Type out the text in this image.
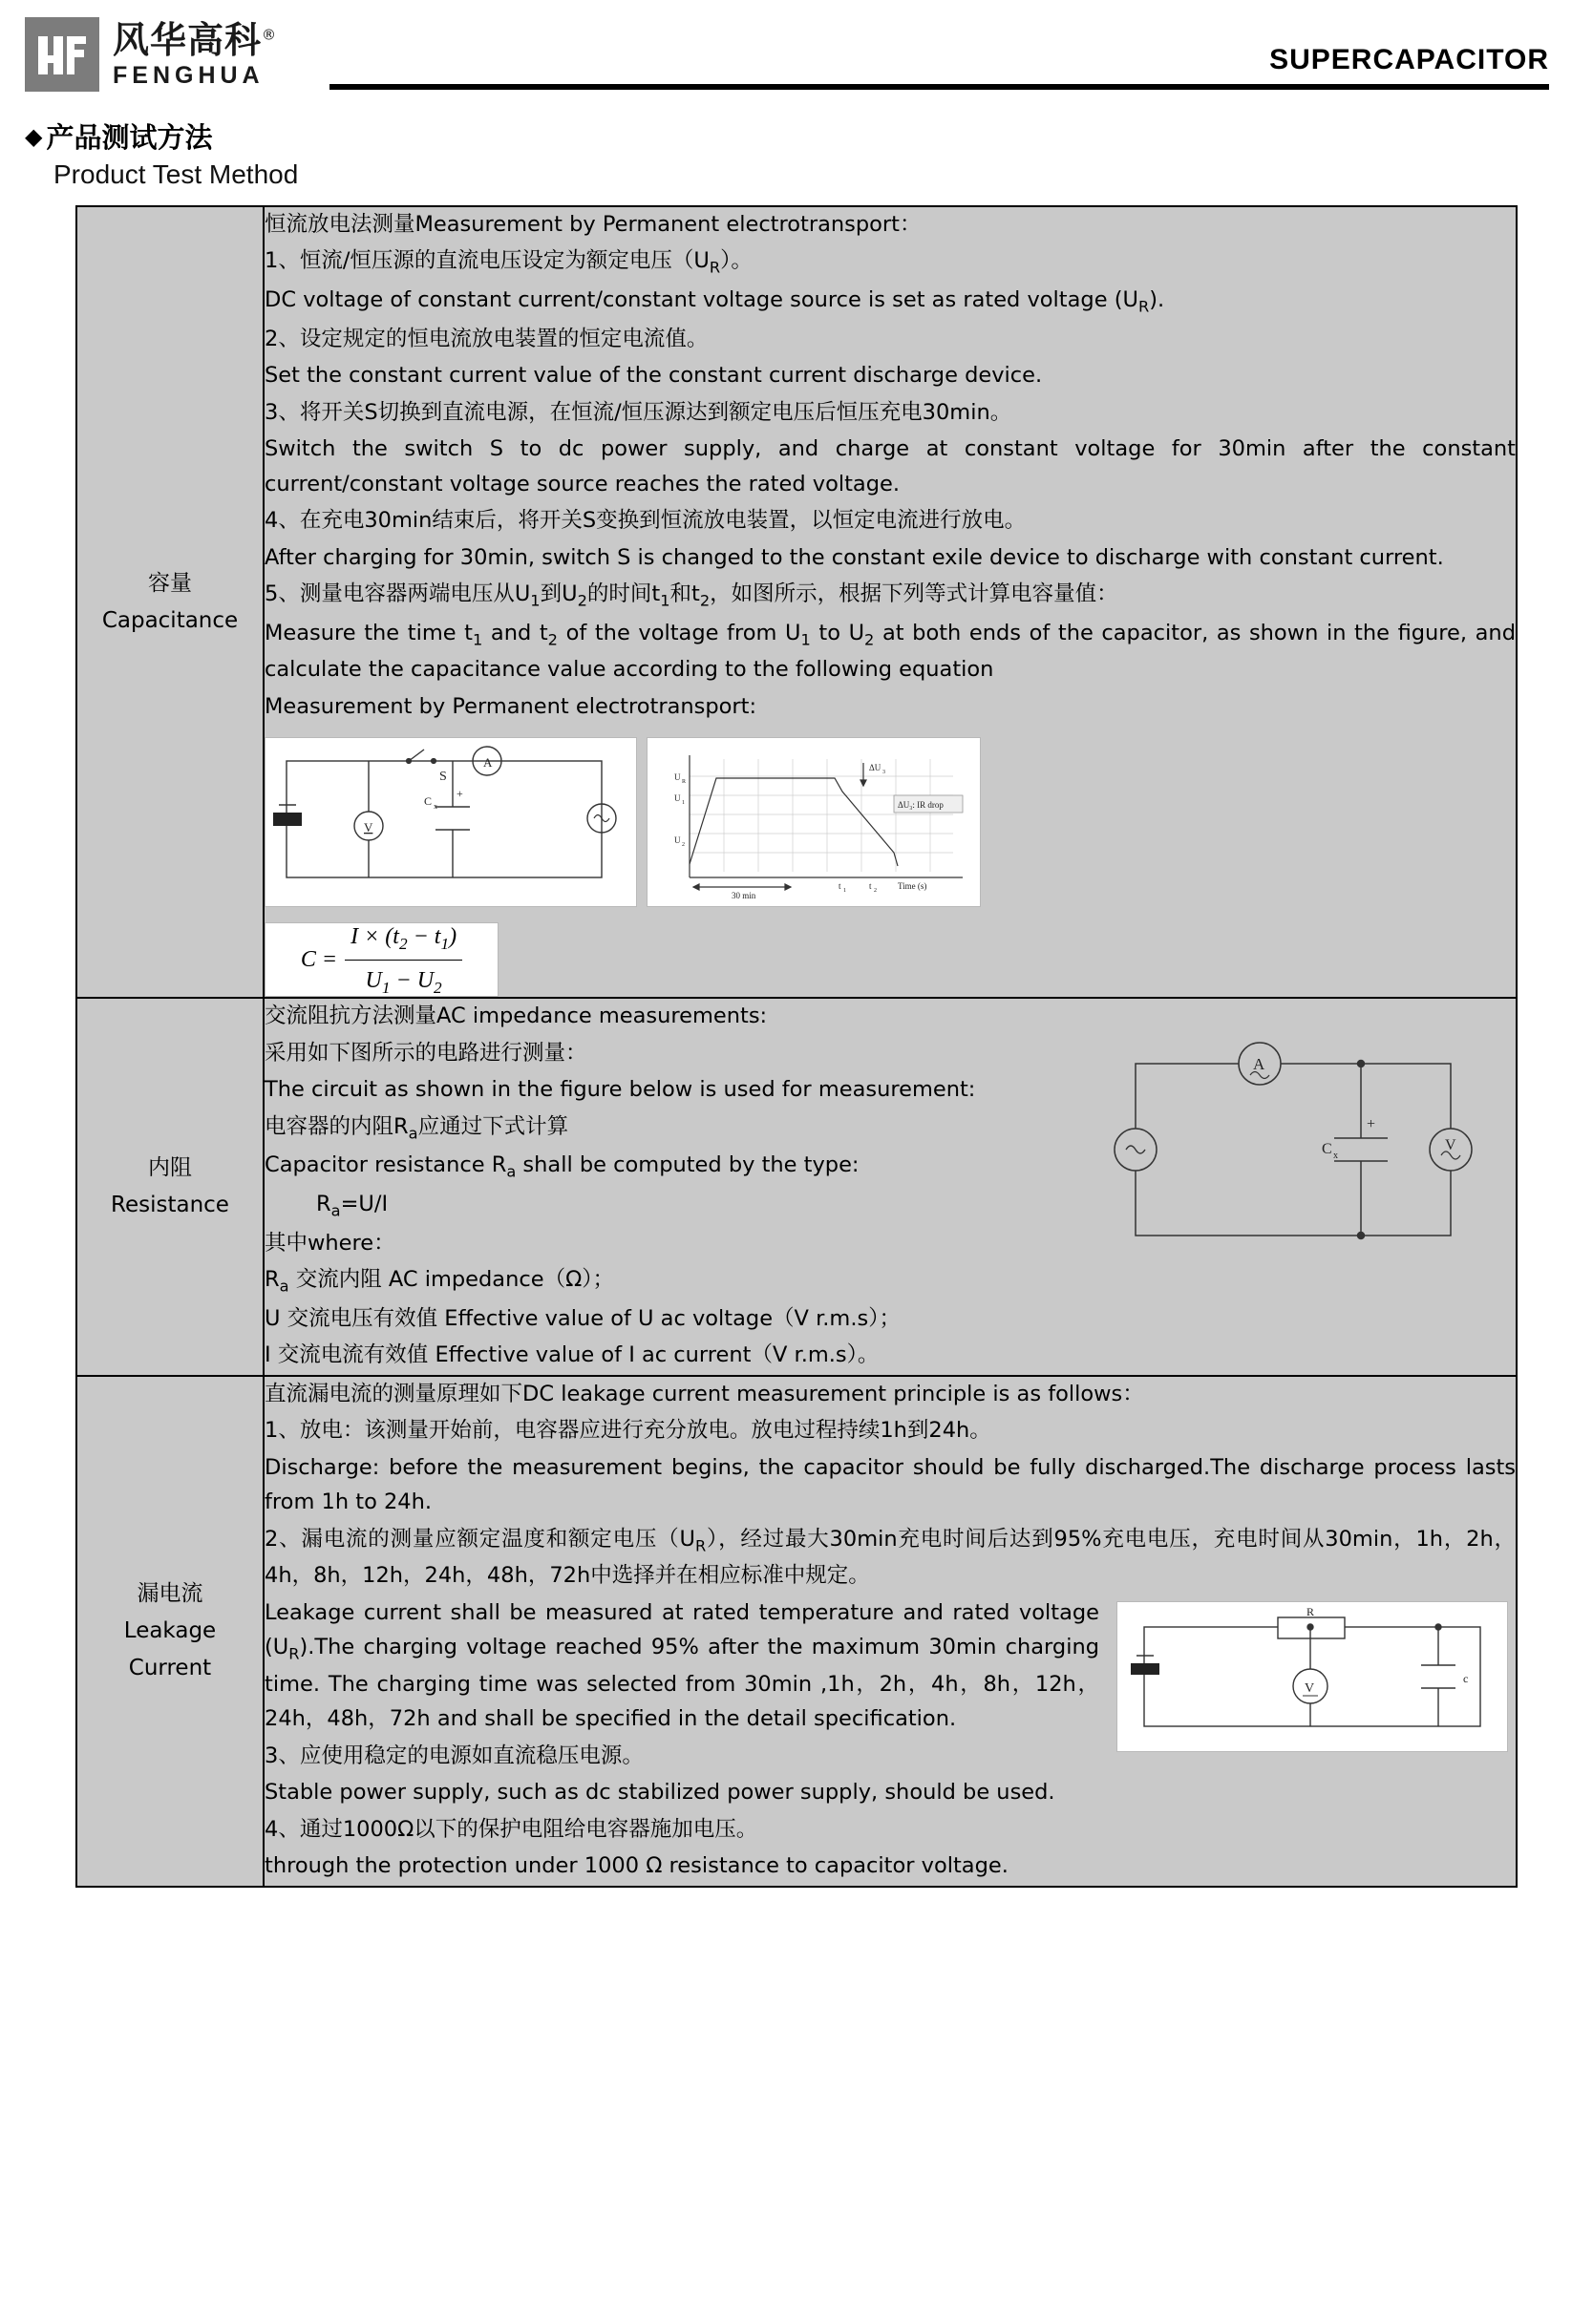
风华高科®
FENGHUA	SUPERCAPACITOR
◆ 产品测试方法
Product Test Method
容量
Capacitance

恒流放电法测量Measurement by Permanent electrotransport：

1、恒流/恒压源的直流电压设定为额定电压$(U_R)$。

DC voltage of constant current/constant voltage source is set as rated voltage $(U_R)$.

2、设定规定的恒电流放电装置的恒定电流值。

Set the constant current value of the constant current discharge device.

3、将开关S切换到直流电源，在恒流/恒压源达到额定电压后恒压充电30min。

Switch the switch S to dc power supply, and charge at constant voltage for 30min after the constant current/constant voltage source reaches the rated voltage.

4、在充电30min结束后，将开关S变换到恒流放电装置，以恒定电流进行放电。

After charging for 30min, switch S is changed to the constant exile device to discharge with constant current.

5、测量电容器两端电压从$U_1$到$U_2$的时间$t_1$和$t_2$，如图所示，根据下列等式计算电容量值：

Measure the time $t_1$ and $t_2$ of the voltage from $U_1$ to $U_2$ at both ends of the capacitor, as shown in the figure, and calculate the capacitance value according to the following equation

Measurement by Permanent electrotransport:

A
S
V
C x
+
U R
U 1
U 2
ΔU 3
30 min
t 1	t 2 Time (s)
ΔU₃: IR drop
$C = \frac{I \times (t_2 - t_1)}{U_1 - U_2}$

内阻
Resistance

交流阻抗方法测量AC impedance measurements:

采用如下图所示的电路进行测量：

The circuit as shown in the figure below is used for measurement:

电容器的内阻$R_a$应通过下式计算

Capacitor resistance $R_a$ shall be computed by the type:

$R_a=U/I$

其中where：

$R_a$ 交流内阻 AC impedance（Ω）；

U 交流电压有效值 Effective value of U ac voltage（V r.m.s）；

I 交流电流有效值 Effective value of I ac current（V r.m.s）。

A
C x
+
V

漏电流
Leakage
Current

直流漏电流的测量原理如下DC leakage current measurement principle is as follows：

1、放电：该测量开始前，电容器应进行充分放电。放电过程持续1h到24h。

Discharge: before the measurement begins, the capacitor should be fully discharged.The discharge process lasts from 1h to 24h.

2、漏电流的测量应额定温度和额定电压$(U_R)$，经过最大30min充电时间后达到95%充电电压，充电时间从30min，1h，2h，4h，8h，12h，24h，48h，72h中选择并在相应标准中规定。

R
V
c

Leakage current shall be measured at rated temperature and rated voltage $(U_R).The$ charging voltage reached 95% after the maximum 30min charging time. The charging time was selected from 30min ,1h，2h，4h，8h，12h，24h，48h，72h and shall be specified in the detail specification.

3、应使用稳定的电源如直流稳压电源。

Stable power supply, such as dc stabilized power supply, should be used.

4、通过1000Ω以下的保护电阻给电容器施加电压。

through the protection under 1000 Ω resistance to capacitor voltage.
